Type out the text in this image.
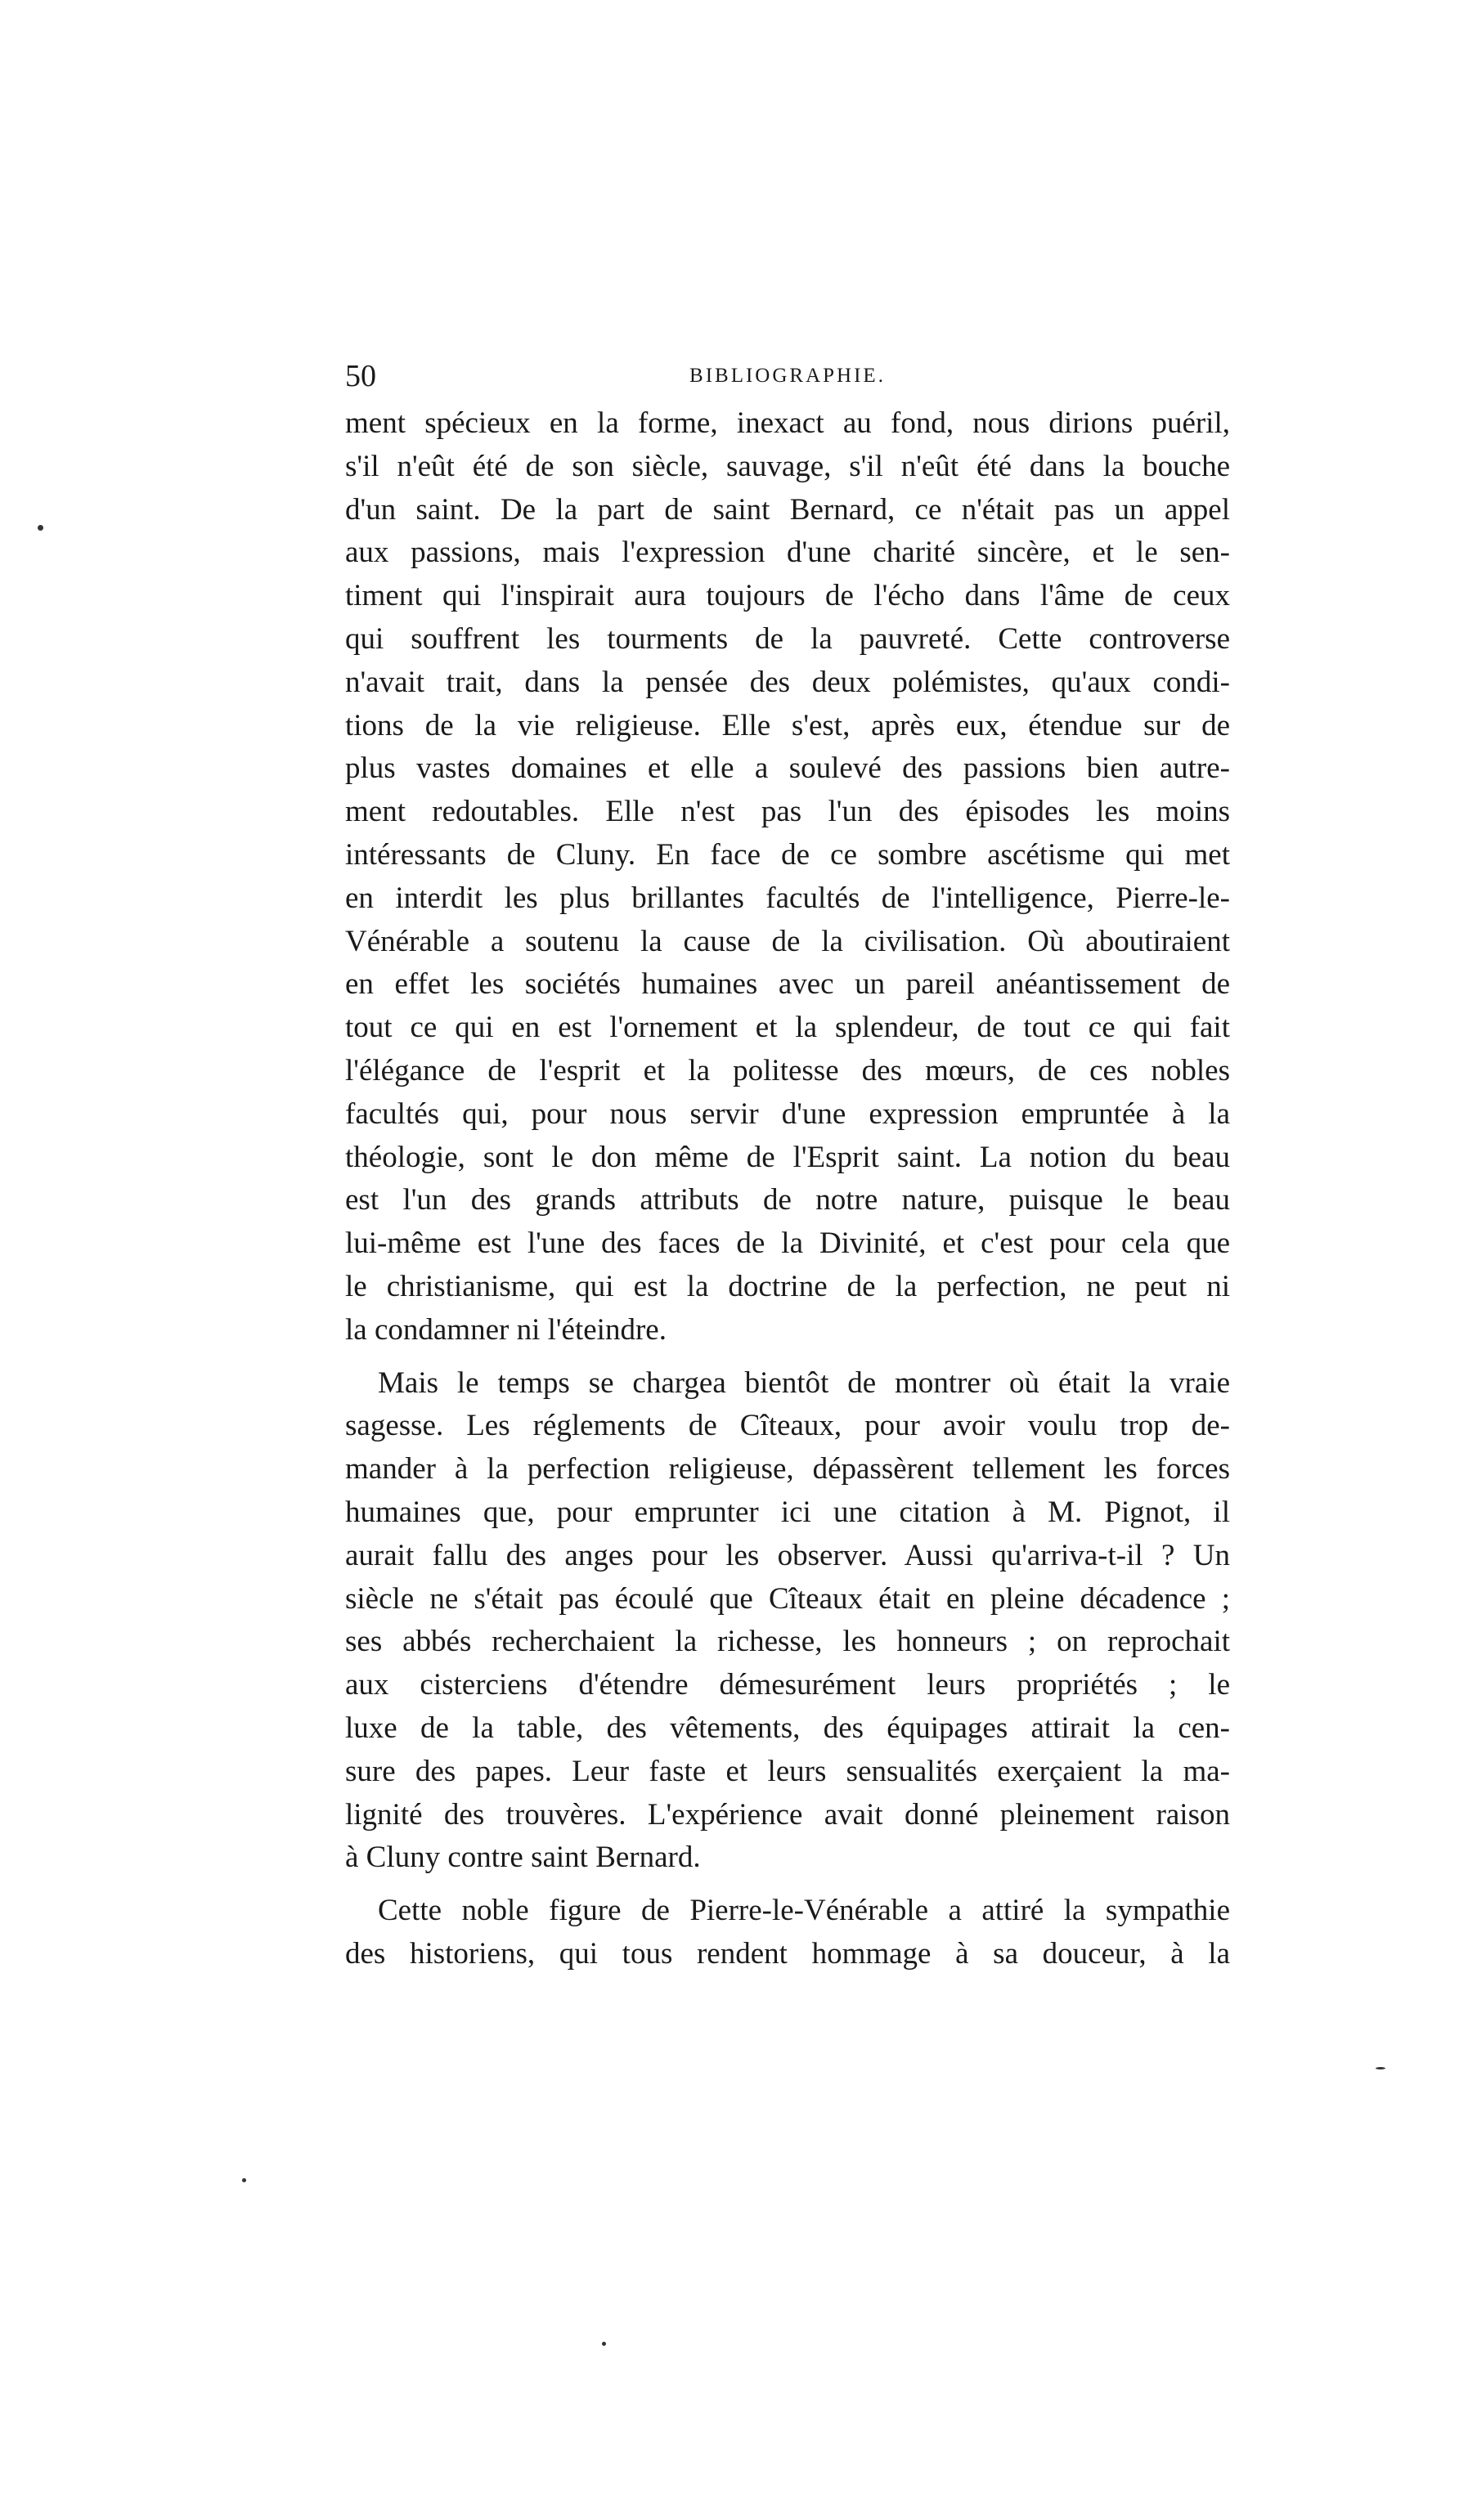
50	BIBLIOGRAPHIE.
ment spécieux en la forme, inexact au fond, nous dirions puéril,
s'il n'eût été de son siècle, sauvage, s'il n'eût été dans la bouche
d'un saint. De la part de saint Bernard, ce n'était pas un appel
aux passions, mais l'expression d'une charité sincère, et le sen-
timent qui l'inspirait aura toujours de l'écho dans l'âme de ceux
qui souffrent les tourments de la pauvreté. Cette controverse
n'avait trait, dans la pensée des deux polémistes, qu'aux condi-
tions de la vie religieuse. Elle s'est, après eux, étendue sur de
plus vastes domaines et elle a soulevé des passions bien autre-
ment redoutables. Elle n'est pas l'un des épisodes les moins
intéressants de Cluny. En face de ce sombre ascétisme qui met
en interdit les plus brillantes facultés de l'intelligence, Pierre-le-
Vénérable a soutenu la cause de la civilisation. Où aboutiraient
en effet les sociétés humaines avec un pareil anéantissement de
tout ce qui en est l'ornement et la splendeur, de tout ce qui fait
l'élégance de l'esprit et la politesse des mœurs, de ces nobles
facultés qui, pour nous servir d'une expression empruntée à la
théologie, sont le don même de l'Esprit saint. La notion du beau
est l'un des grands attributs de notre nature, puisque le beau
lui-même est l'une des faces de la Divinité, et c'est pour cela que
le christianisme, qui est la doctrine de la perfection, ne peut ni
la condamner ni l'éteindre.
Mais le temps se chargea bientôt de montrer où était la vraie
sagesse. Les réglements de Cîteaux, pour avoir voulu trop de-
mander à la perfection religieuse, dépassèrent tellement les forces
humaines que, pour emprunter ici une citation à M. Pignot, il
aurait fallu des anges pour les observer. Aussi qu'arriva-t-il ? Un
siècle ne s'était pas écoulé que Cîteaux était en pleine décadence ;
ses abbés recherchaient la richesse, les honneurs ; on reprochait
aux cisterciens d'étendre démesurément leurs propriétés ; le
luxe de la table, des vêtements, des équipages attirait la cen-
sure des papes. Leur faste et leurs sensualités exerçaient la ma-
lignité des trouvères. L'expérience avait donné pleinement raison
à Cluny contre saint Bernard.
Cette noble figure de Pierre-le-Vénérable a attiré la sympathie
des historiens, qui tous rendent hommage à sa douceur, à la
